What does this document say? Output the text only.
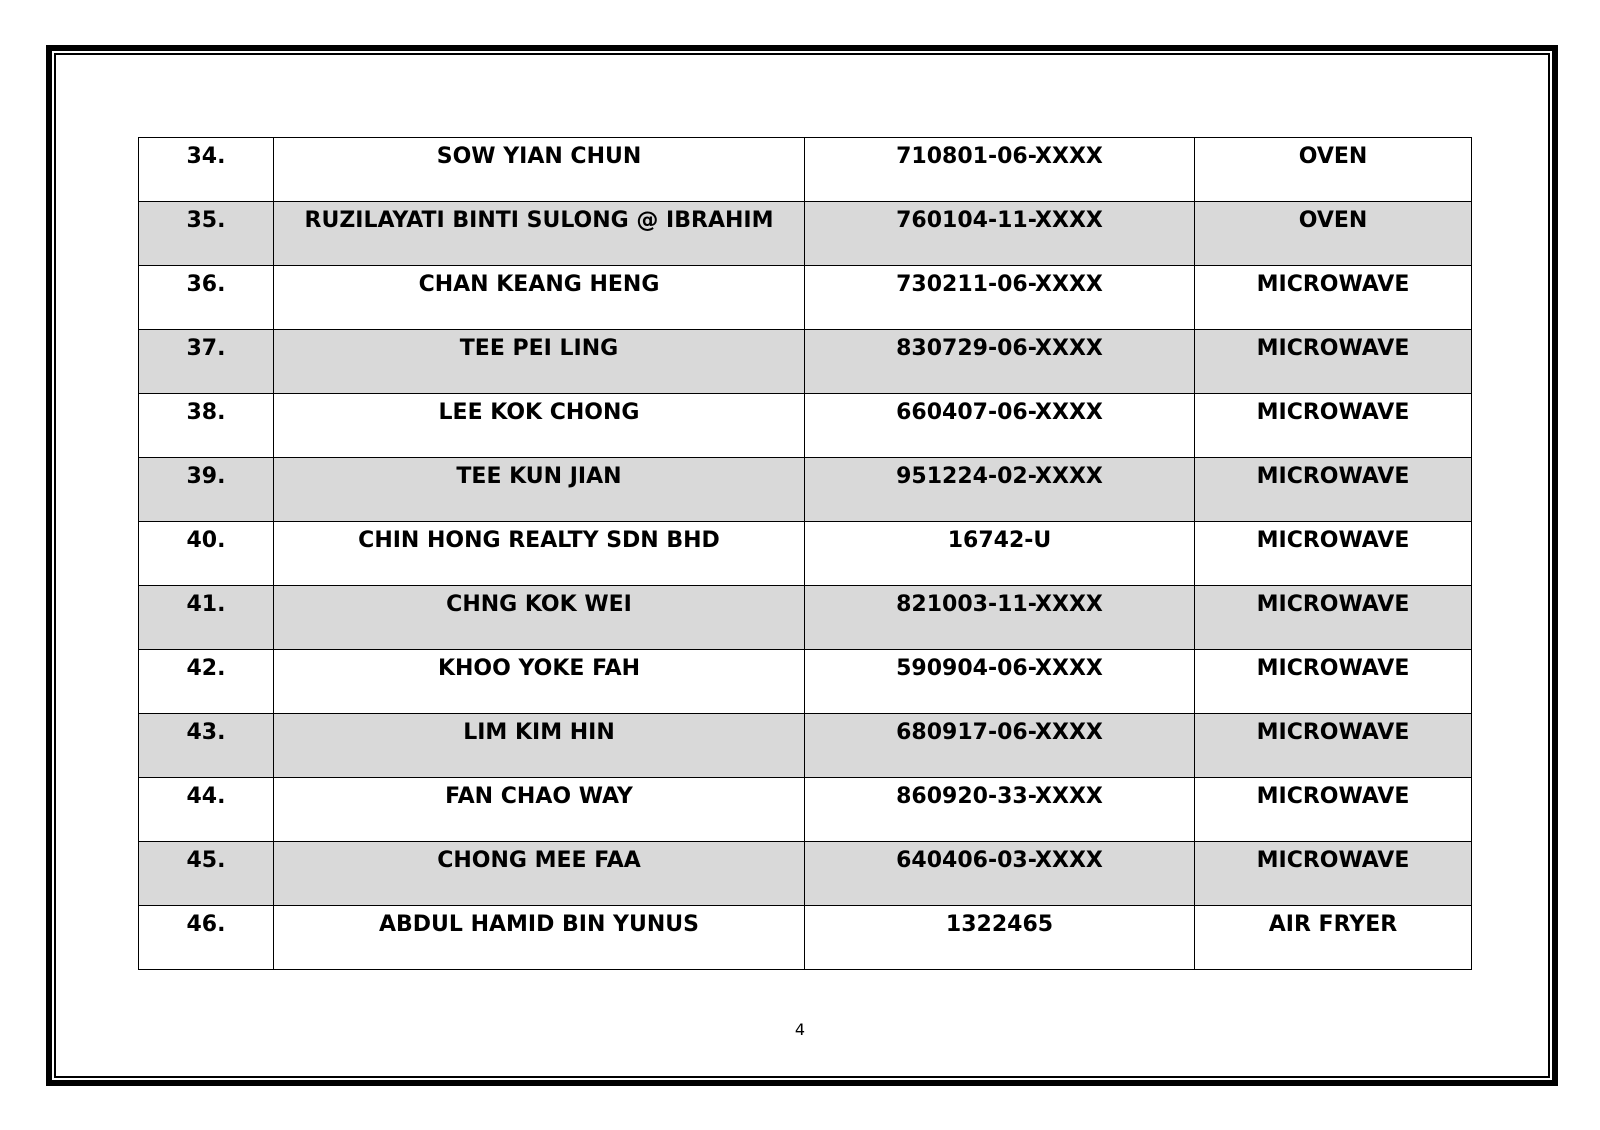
34.	SOW YIAN CHUN	710801-06-XXXX	OVEN
35.	RUZILAYATI BINTI SULONG @ IBRAHIM	760104-11-XXXX	OVEN
36.	CHAN KEANG HENG	730211-06-XXXX	MICROWAVE
37.	TEE PEI LING	830729-06-XXXX	MICROWAVE
38.	LEE KOK CHONG	660407-06-XXXX	MICROWAVE
39.	TEE KUN JIAN	951224-02-XXXX	MICROWAVE
40.	CHIN HONG REALTY SDN BHD	16742-U	MICROWAVE
41.	CHNG KOK WEI	821003-11-XXXX	MICROWAVE
42.	KHOO YOKE FAH	590904-06-XXXX	MICROWAVE
43.	LIM KIM HIN	680917-06-XXXX	MICROWAVE
44.	FAN CHAO WAY	860920-33-XXXX	MICROWAVE
45.	CHONG MEE FAA	640406-03-XXXX	MICROWAVE
46.	ABDUL HAMID BIN YUNUS	1322465	AIR FRYER
4
